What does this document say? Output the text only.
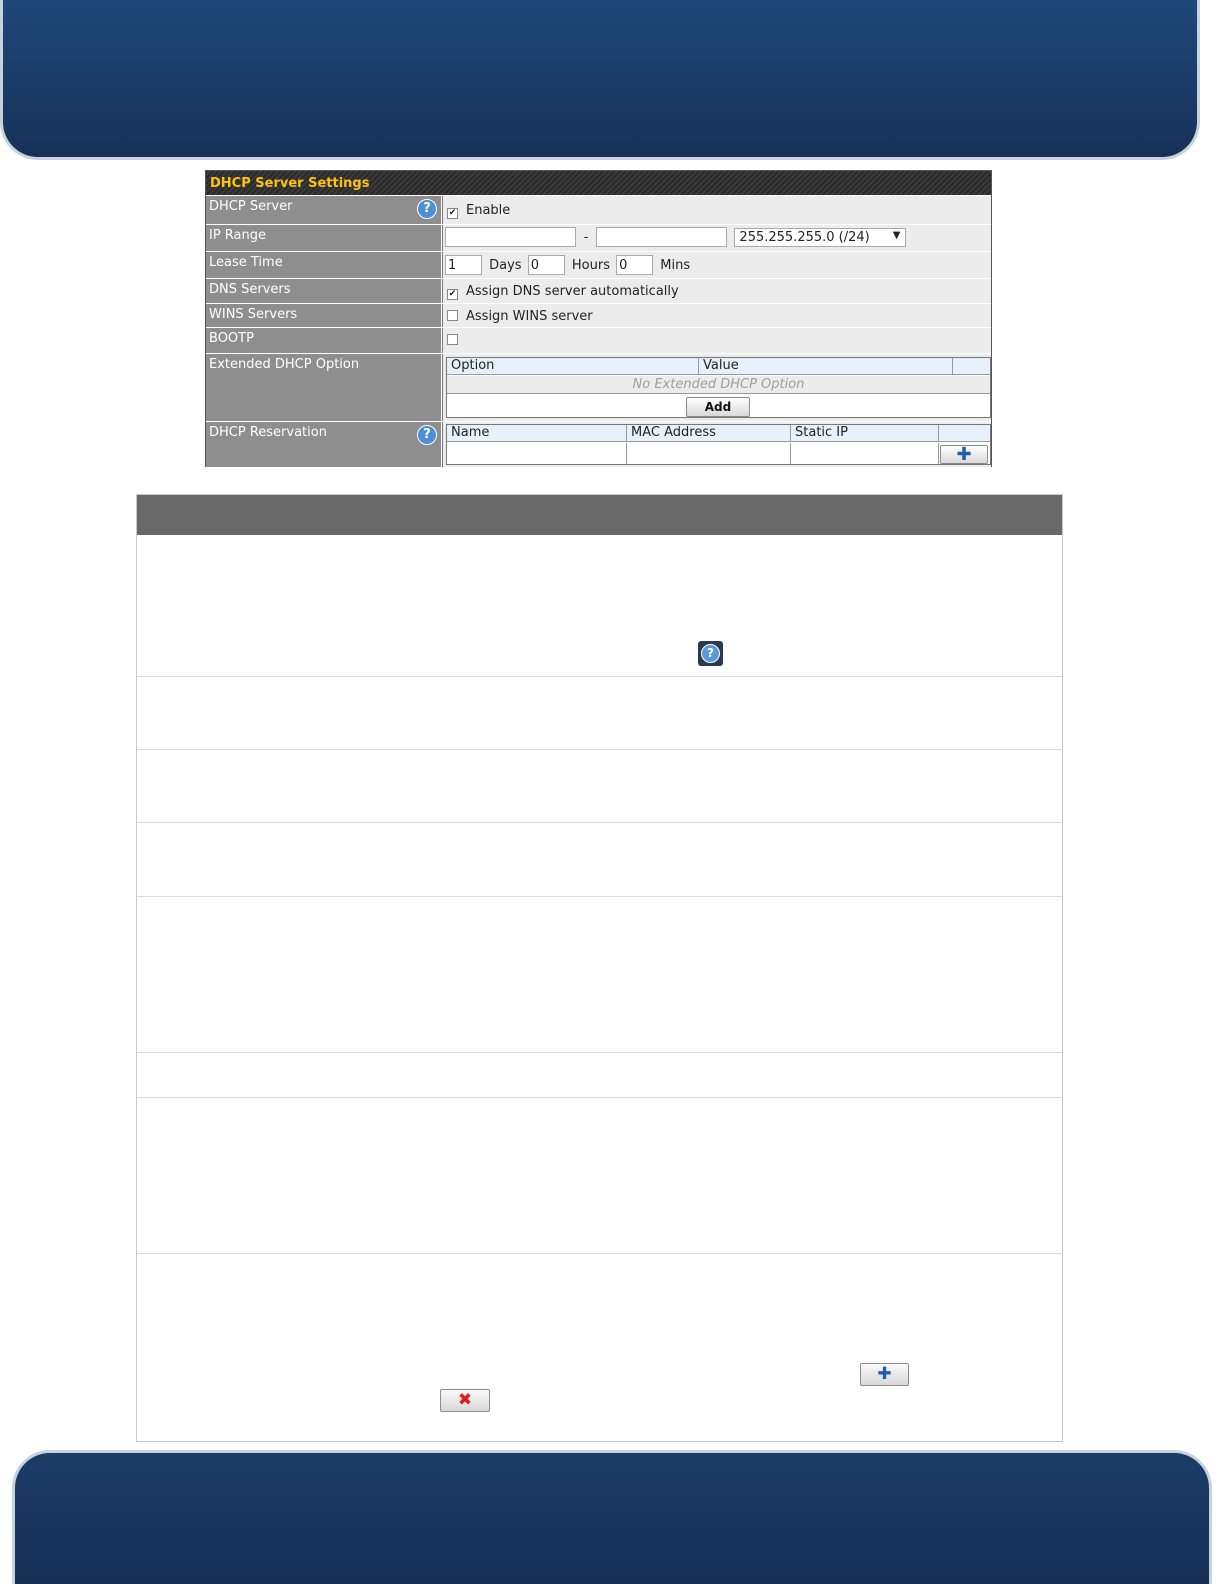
DHCP Server Settings
DHCP Server	?	✔ Enable
IP Range	-	255.255.255.0 (/24) ▼
Lease Time	1	Days 0	Hours 0	Mins
DNS Servers	✔ Assign DNS server automatically
WINS Servers	Assign WINS server
BOOTP
Extended DHCP Option	Option	Value
No Extended DHCP Option
Add
DHCP Reservation	?	Name	MAC Address	Static IP
✚
?
✚
✖
